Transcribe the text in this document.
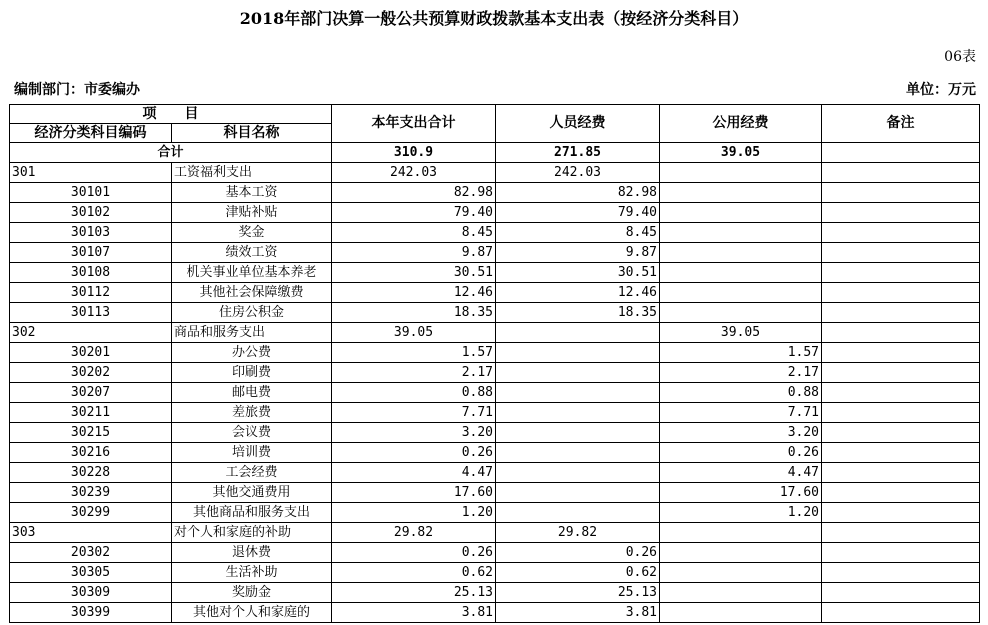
2018年部门决算一般公共预算财政拨款基本支出表（按经济分类科目）
06表
编制部门：市委编办	单位：万元
项　　目		本年支出合计	人员经费	公用经费	备注
经济分类科目编码	科目名称				
合计		310.9	271.85	39.05	
301	工资福利支出	242.03	242.03		
30101	基本工资	82.98	82.98		
30102	津贴补贴	79.40	79.40		
30103	奖金	8.45	8.45		
30107	绩效工资	9.87	9.87		
30108	机关事业单位基本养老	30.51	30.51		
30112	其他社会保障缴费	12.46	12.46		
30113	住房公积金	18.35	18.35		
302	商品和服务支出	39.05		39.05	
30201	办公费	1.57		1.57	
30202	印刷费	2.17		2.17	
30207	邮电费	0.88		0.88	
30211	差旅费	7.71		7.71	
30215	会议费	3.20		3.20	
30216	培训费	0.26		0.26	
30228	工会经费	4.47		4.47	
30239	其他交通费用	17.60		17.60	
30299	其他商品和服务支出	1.20		1.20	
303	对个人和家庭的补助	29.82	29.82		
20302	退休费	0.26	0.26		
30305	生活补助	0.62	0.62		
30309	奖励金	25.13	25.13		
30399	其他对个人和家庭的	3.81	3.81		
